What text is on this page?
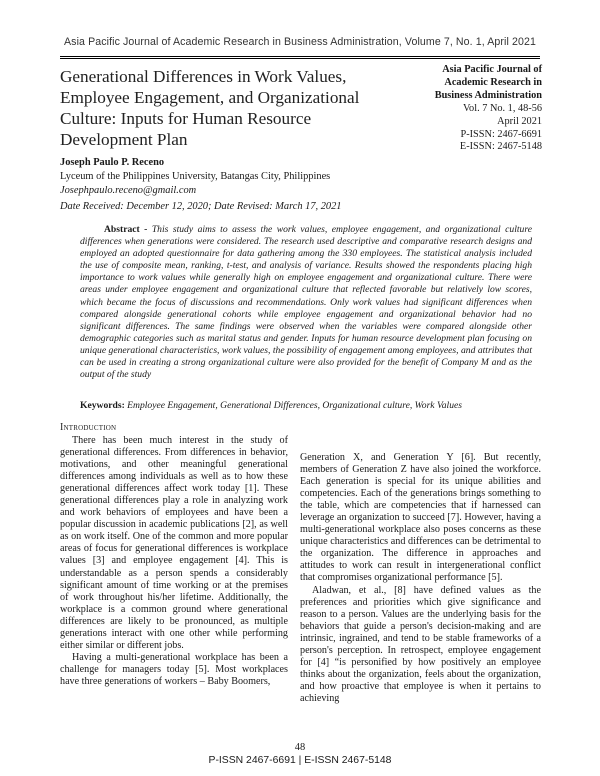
Asia Pacific Journal of Academic Research in Business Administration, Volume 7, No. 1, April 2021
Generational Differences in Work Values, Employee Engagement, and Organizational Culture: Inputs for Human Resource Development Plan
Asia Pacific Journal of
Academic Research in
Business Administration
Vol. 7 No. 1, 48-56
April 2021
P-ISSN: 2467-6691
E-ISSN: 2467-5148
Joseph Paulo P. Receno
Lyceum of the Philippines University, Batangas City, Philippines
Josephpaulo.receno@gmail.com
Date Received: December 12, 2020; Date Revised: March 17, 2021

Abstract - This study aims to assess the work values, employee engagement, and organizational culture differences when generations were considered. The research used descriptive and comparative research designs and employed an adopted questionnaire for data gathering among the 330 employees. The statistical analysis included the use of composite mean, ranking, t-test, and analysis of variance. Results showed the respondents placing high importance to work values while generally high on employee engagement and organizational culture. There were areas under employee engagement and organizational culture that reflected favorable but relatively low scores, which became the focus of discussions and recommendations. Only work values had significant differences when compared alongside generational cohorts while employee engagement and organizational behavior had no significant differences. The same findings were observed when the variables were compared alongside other demographic categories such as marital status and gender. Inputs for human resource development plan focusing on unique generational characteristics, work values, the possibility of engagement among employees, and attributes that can be used in creating a strong organizational culture were also provided for the benefit of Company M and as the output of the study

Keywords: Employee Engagement, Generational Differences, Organizational culture, Work Values
Introduction

There has been much interest in the study of generational differences. From differences in behavior, motivations, and other meaningful generational differences among individuals as well as to how these generational differences affect work today [1]. These generational differences play a role in analyzing work and work behaviors of employees and have been a popular discussion in academic publications [2], as well as on work itself. One of the common and more popular areas of focus for generational differences is workplace values [3] and employee engagement [4]. This is understandable as a person spends a considerably significant amount of time working or at the premises of work throughout his/her lifetime. Additionally, the workplace is a common ground where generational differences are likely to be pronounced, as multiple generations interact with one other while performing either similar or different jobs.

Having a multi-generational workplace has been a challenge for managers today [5]. Most workplaces have three generations of workers – Baby Boomers,

Generation X, and Generation Y [6]. But recently, members of Generation Z have also joined the workforce. Each generation is special for its unique abilities and competencies. Each of the generations brings something to the table, which are competencies that if harnessed can leverage an organization to succeed [7]. However, having a multi-generational workplace also poses concerns as these unique characteristics and differences can be detrimental to the organization. The difference in approaches and attitudes to work can result in intergenerational conflict that compromises organizational performance [5].

Aladwan, et al., [8] have defined values as the preferences and priorities which give significance and reason to a person. Values are the underlying basis for the behaviors that guide a person's decision-making and are intrinsic, ingrained, and tend to be stable frameworks of a person's perception. In retrospect, employee engagement for [4] “is personified by how positively an employee thinks about the organization, feels about the organization, and how proactive that employee is when it pertains to achieving

48
P-ISSN 2467-6691 | E-ISSN 2467-5148
